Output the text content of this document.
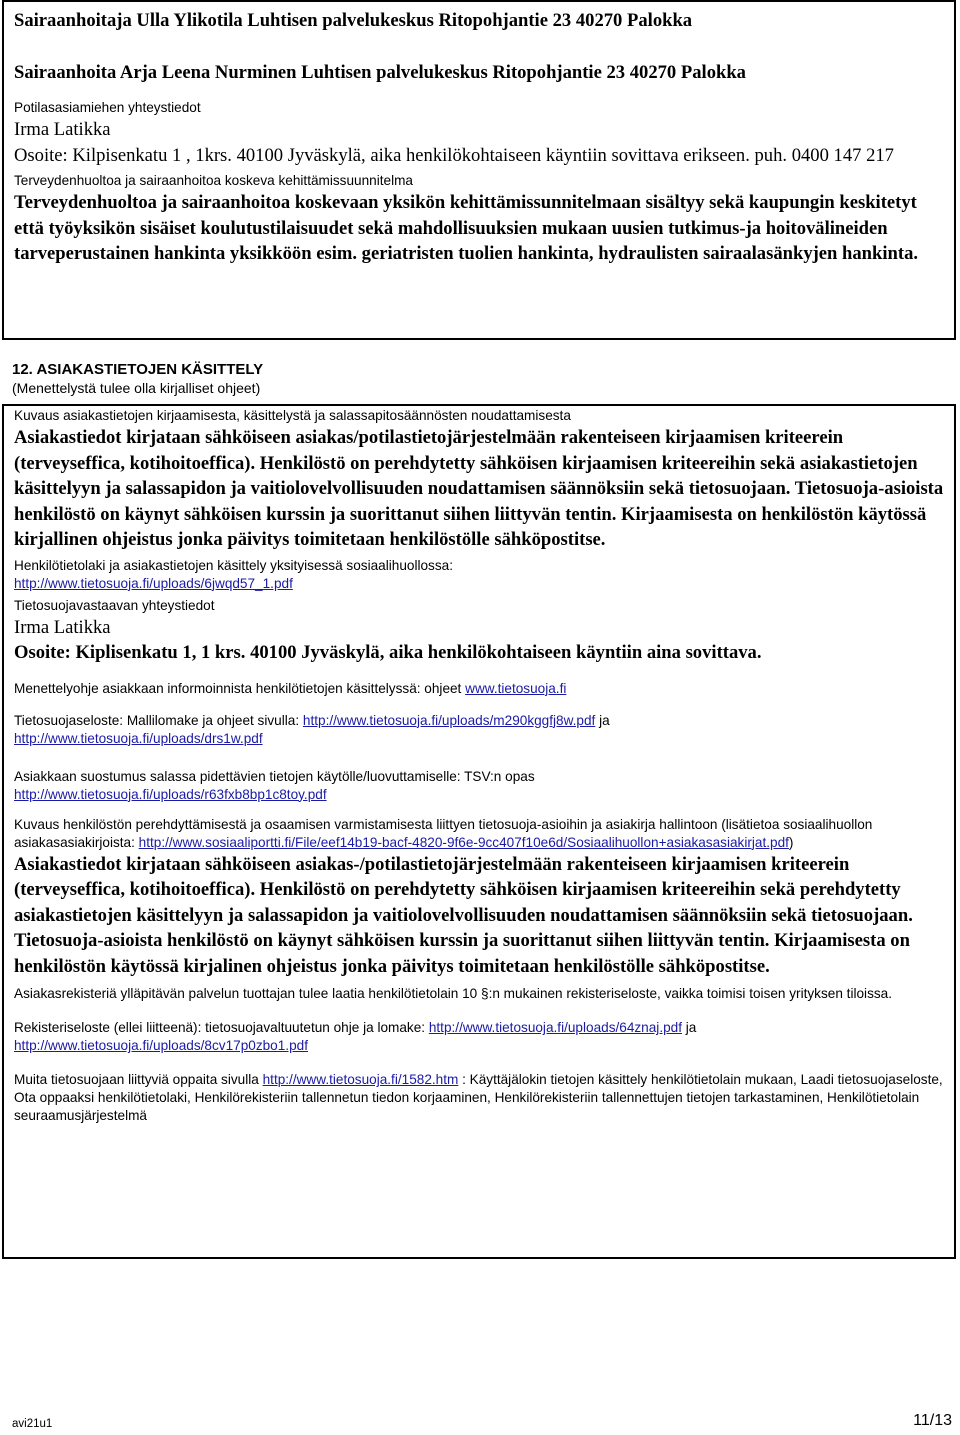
Sairaanhoitaja Ulla Ylikotila Luhtisen palvelukeskus Ritopohjantie 23 40270 Palokka
Sairaanhoita Arja Leena Nurminen Luhtisen palvelukeskus Ritopohjantie 23 40270 Palokka
Potilasasiamiehen yhteystiedot
Irma Latikka
Osoite: Kilpisenkatu 1 , 1krs. 40100 Jyväskylä, aika henkilökohtaiseen käyntiin sovittava erikseen. puh. 0400 147 217
Terveydenhuoltoa ja sairaanhoitoa koskeva kehittämissuunnitelma
Terveydenhuoltoa ja sairaanhoitoa koskevaan yksikön kehittämissunnitelmaan sisältyy sekä kaupungin keskitetyt että työyksikön sisäiset koulutustilaisuudet sekä mahdollisuuksien mukaan uusien tutkimus-ja hoitovälineiden tarveperustainen hankinta yksikköön esim. geriatristen tuolien hankinta, hydraulisten sairaalasänkyjen hankinta.
12. ASIAKASTIETOJEN KÄSITTELY
(Menettelystä tulee olla kirjalliset ohjeet)
Kuvaus asiakastietojen kirjaamisesta, käsittelystä ja salassapitosäännösten noudattamisesta
Asiakastiedot kirjataan sähköiseen asiakas/potilastietojärjestelmään rakenteiseen kirjaamisen kriteerein (terveyseffica, kotihoitoeffica). Henkilöstö on perehdytetty sähköisen kirjaamisen kriteereihin sekä asiakastietojen käsittelyyn ja salassapidon ja vaitiolovelvollisuuden noudattamisen säännöksiin sekä tietosuojaan. Tietosuoja-asioista henkilöstö on käynyt sähköisen kurssin ja suorittanut siihen liittyvän tentin. Kirjaamisesta on henkilöstön käytössä kirjallinen ohjeistus jonka päivitys toimitetaan henkilöstölle sähköpostitse.
Henkilötietolaki ja asiakastietojen käsittely yksityisessä sosiaalihuollossa:
http://www.tietosuoja.fi/uploads/6jwqd57_1.pdf
Tietosuojavastaavan yhteystiedot
Irma Latikka
Osoite: Kiplisenkatu 1, 1 krs. 40100 Jyväskylä, aika henkilökohtaiseen käyntiin aina sovittava.
Menettelyohje asiakkaan informoinnista henkilötietojen käsittelyssä: ohjeet www.tietosuoja.fi
Tietosuojaseloste: Mallilomake ja ohjeet sivulla: http://www.tietosuoja.fi/uploads/m290kggfj8w.pdf ja
http://www.tietosuoja.fi/uploads/drs1w.pdf
Asiakkaan suostumus salassa pidettävien tietojen käytölle/luovuttamiselle: TSV:n opas
http://www.tietosuoja.fi/uploads/r63fxb8bp1c8toy.pdf
Kuvaus henkilöstön perehdyttämisestä ja osaamisen varmistamisesta liittyen tietosuoja-asioihin ja asiakirja hallintoon (lisätietoa sosiaalihuollon asiakasasiakirjoista: http://www.sosiaaliportti.fi/File/eef14b19-bacf-4820-9f6e-9cc407f10e6d/Sosiaalihuollon+asiakasasiakirjat.pdf)
Asiakastiedot kirjataan sähköiseen asiakas-/potilastietojärjestelmään rakenteiseen kirjaamisen kriteerein (terveyseffica, kotihoitoeffica). Henkilöstö on perehdytetty sähköisen kirjaamisen kriteereihin sekä perehdytetty asiakastietojen käsittelyyn ja salassapidon ja vaitiolovelvollisuuden noudattamisen säännöksiin sekä tietosuojaan. Tietosuoja-asioista henkilöstö on käynyt sähköisen kurssin ja suorittanut siihen liittyvän tentin. Kirjaamisesta on henkilöstön käytössä kirjalinen ohjeistus jonka päivitys toimitetaan henkilöstölle sähköpostitse.
Asiakasrekisteriä ylläpitävän palvelun tuottajan tulee laatia henkilötietolain 10 §:n mukainen rekisteriseloste, vaikka toimisi toisen yrityksen tiloissa.
Rekisteriseloste (ellei liitteenä): tietosuojavaltuutetun ohje ja lomake: http://www.tietosuoja.fi/uploads/64znaj.pdf ja
http://www.tietosuoja.fi/uploads/8cv17p0zbo1.pdf
Muita tietosuojaan liittyviä oppaita sivulla http://www.tietosuoja.fi/1582.htm : Käyttäjälokin tietojen käsittely henkilötietolain mukaan, Laadi tietosuojaseloste, Ota oppaaksi henkilötietolaki, Henkilörekisteriin tallennetun tiedon korjaaminen, Henkilörekisteriin tallennettujen tietojen tarkastaminen, Henkilötietolain seuraamusjärjestelmä
avi21u1	11/13
